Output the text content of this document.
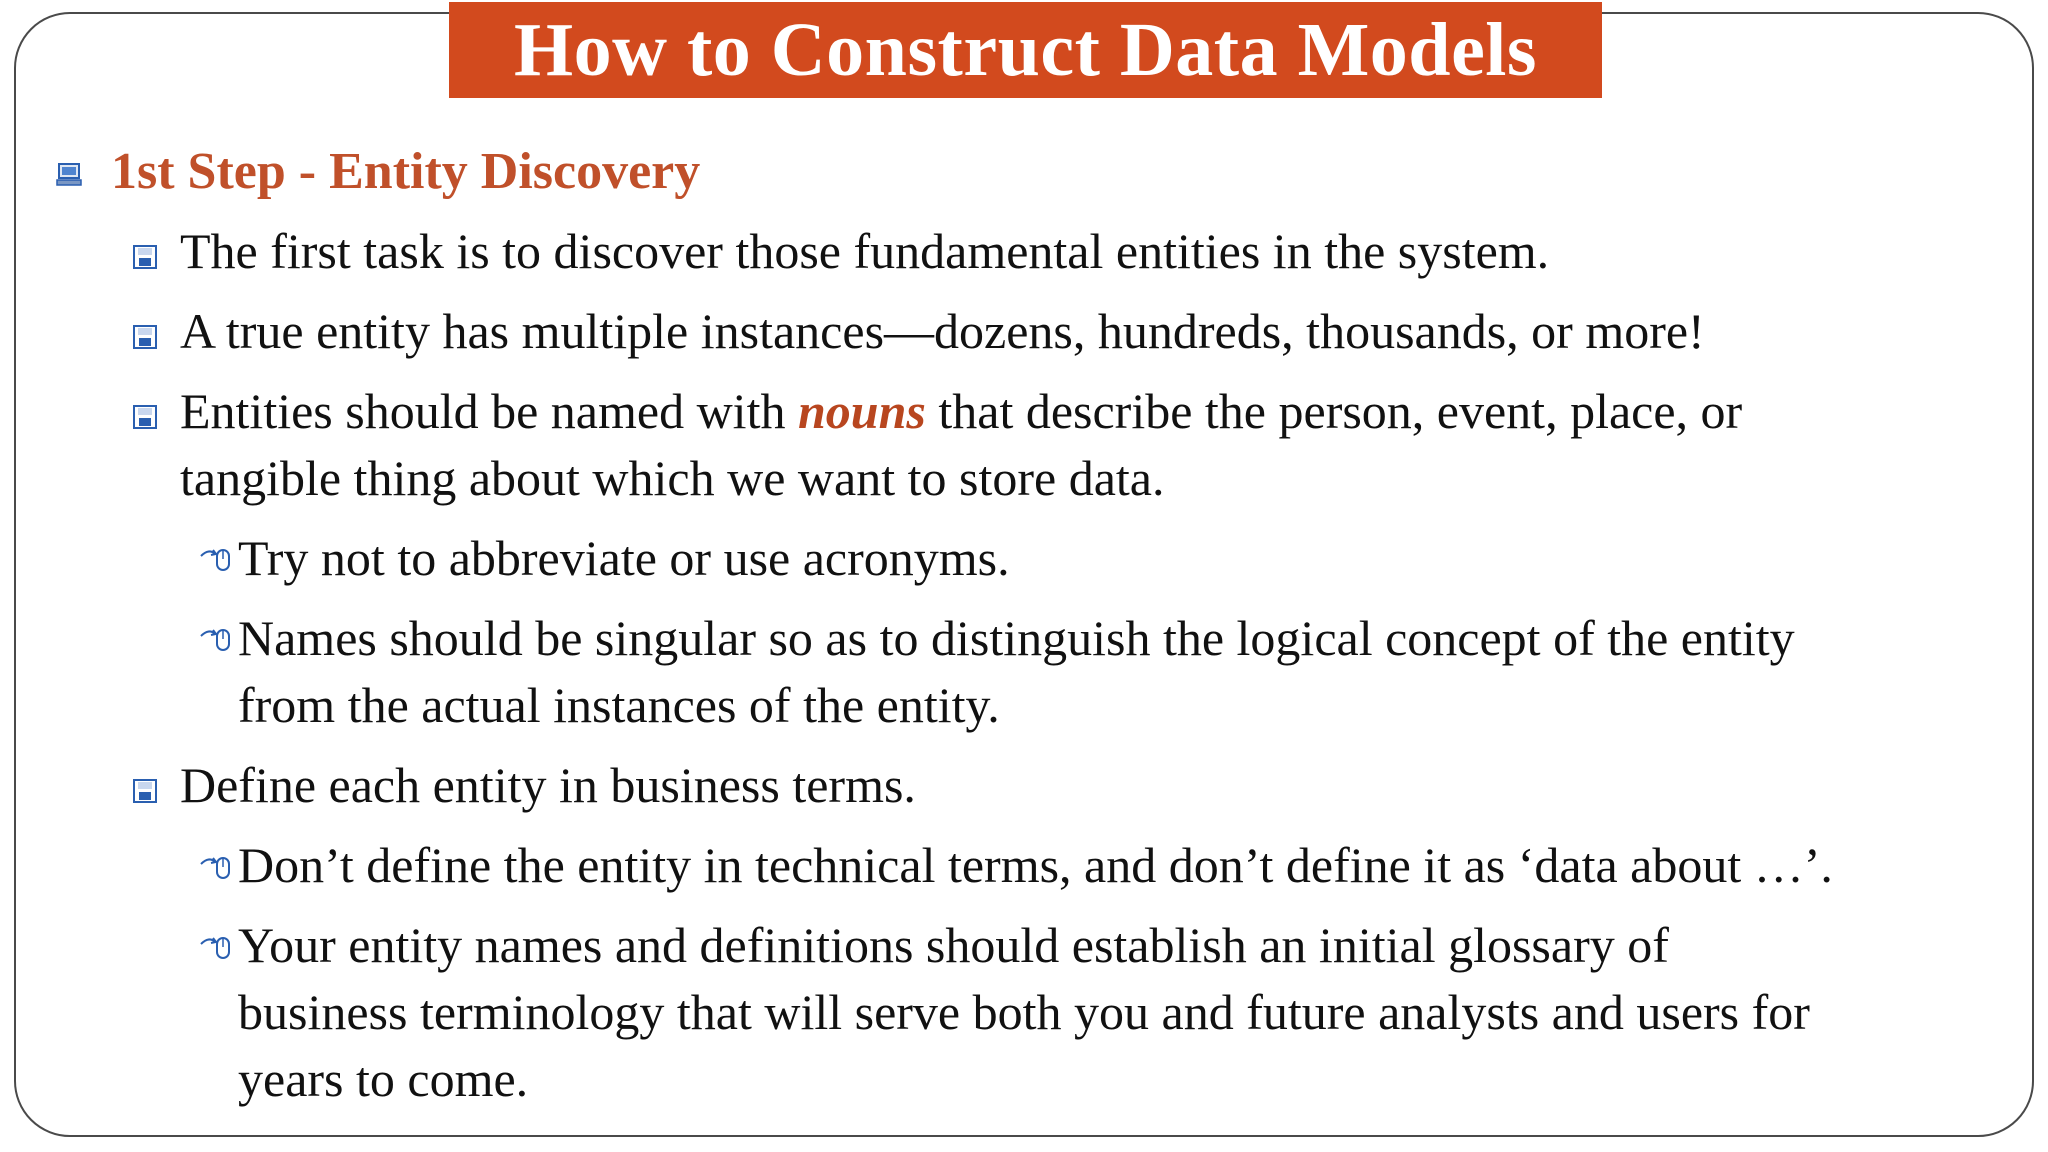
How to Construct Data Models
1st Step - Entity Discovery
The first task is to discover those fundamental entities in the system.
A true entity has multiple instances—dozens, hundreds, thousands, or more!
Entities should be named with nouns that describe the person, event, place, or
tangible thing about which we want to store data.
Try not to abbreviate or use acronyms.
Names should be singular so as to distinguish the logical concept of the entity
from the actual instances of the entity.
Define each entity in business terms.
Don’t define the entity in technical terms, and don’t define it as ‘data about …’.
Your entity names and definitions should establish an initial glossary of
business terminology that will serve both you and future analysts and users for
years to come.
